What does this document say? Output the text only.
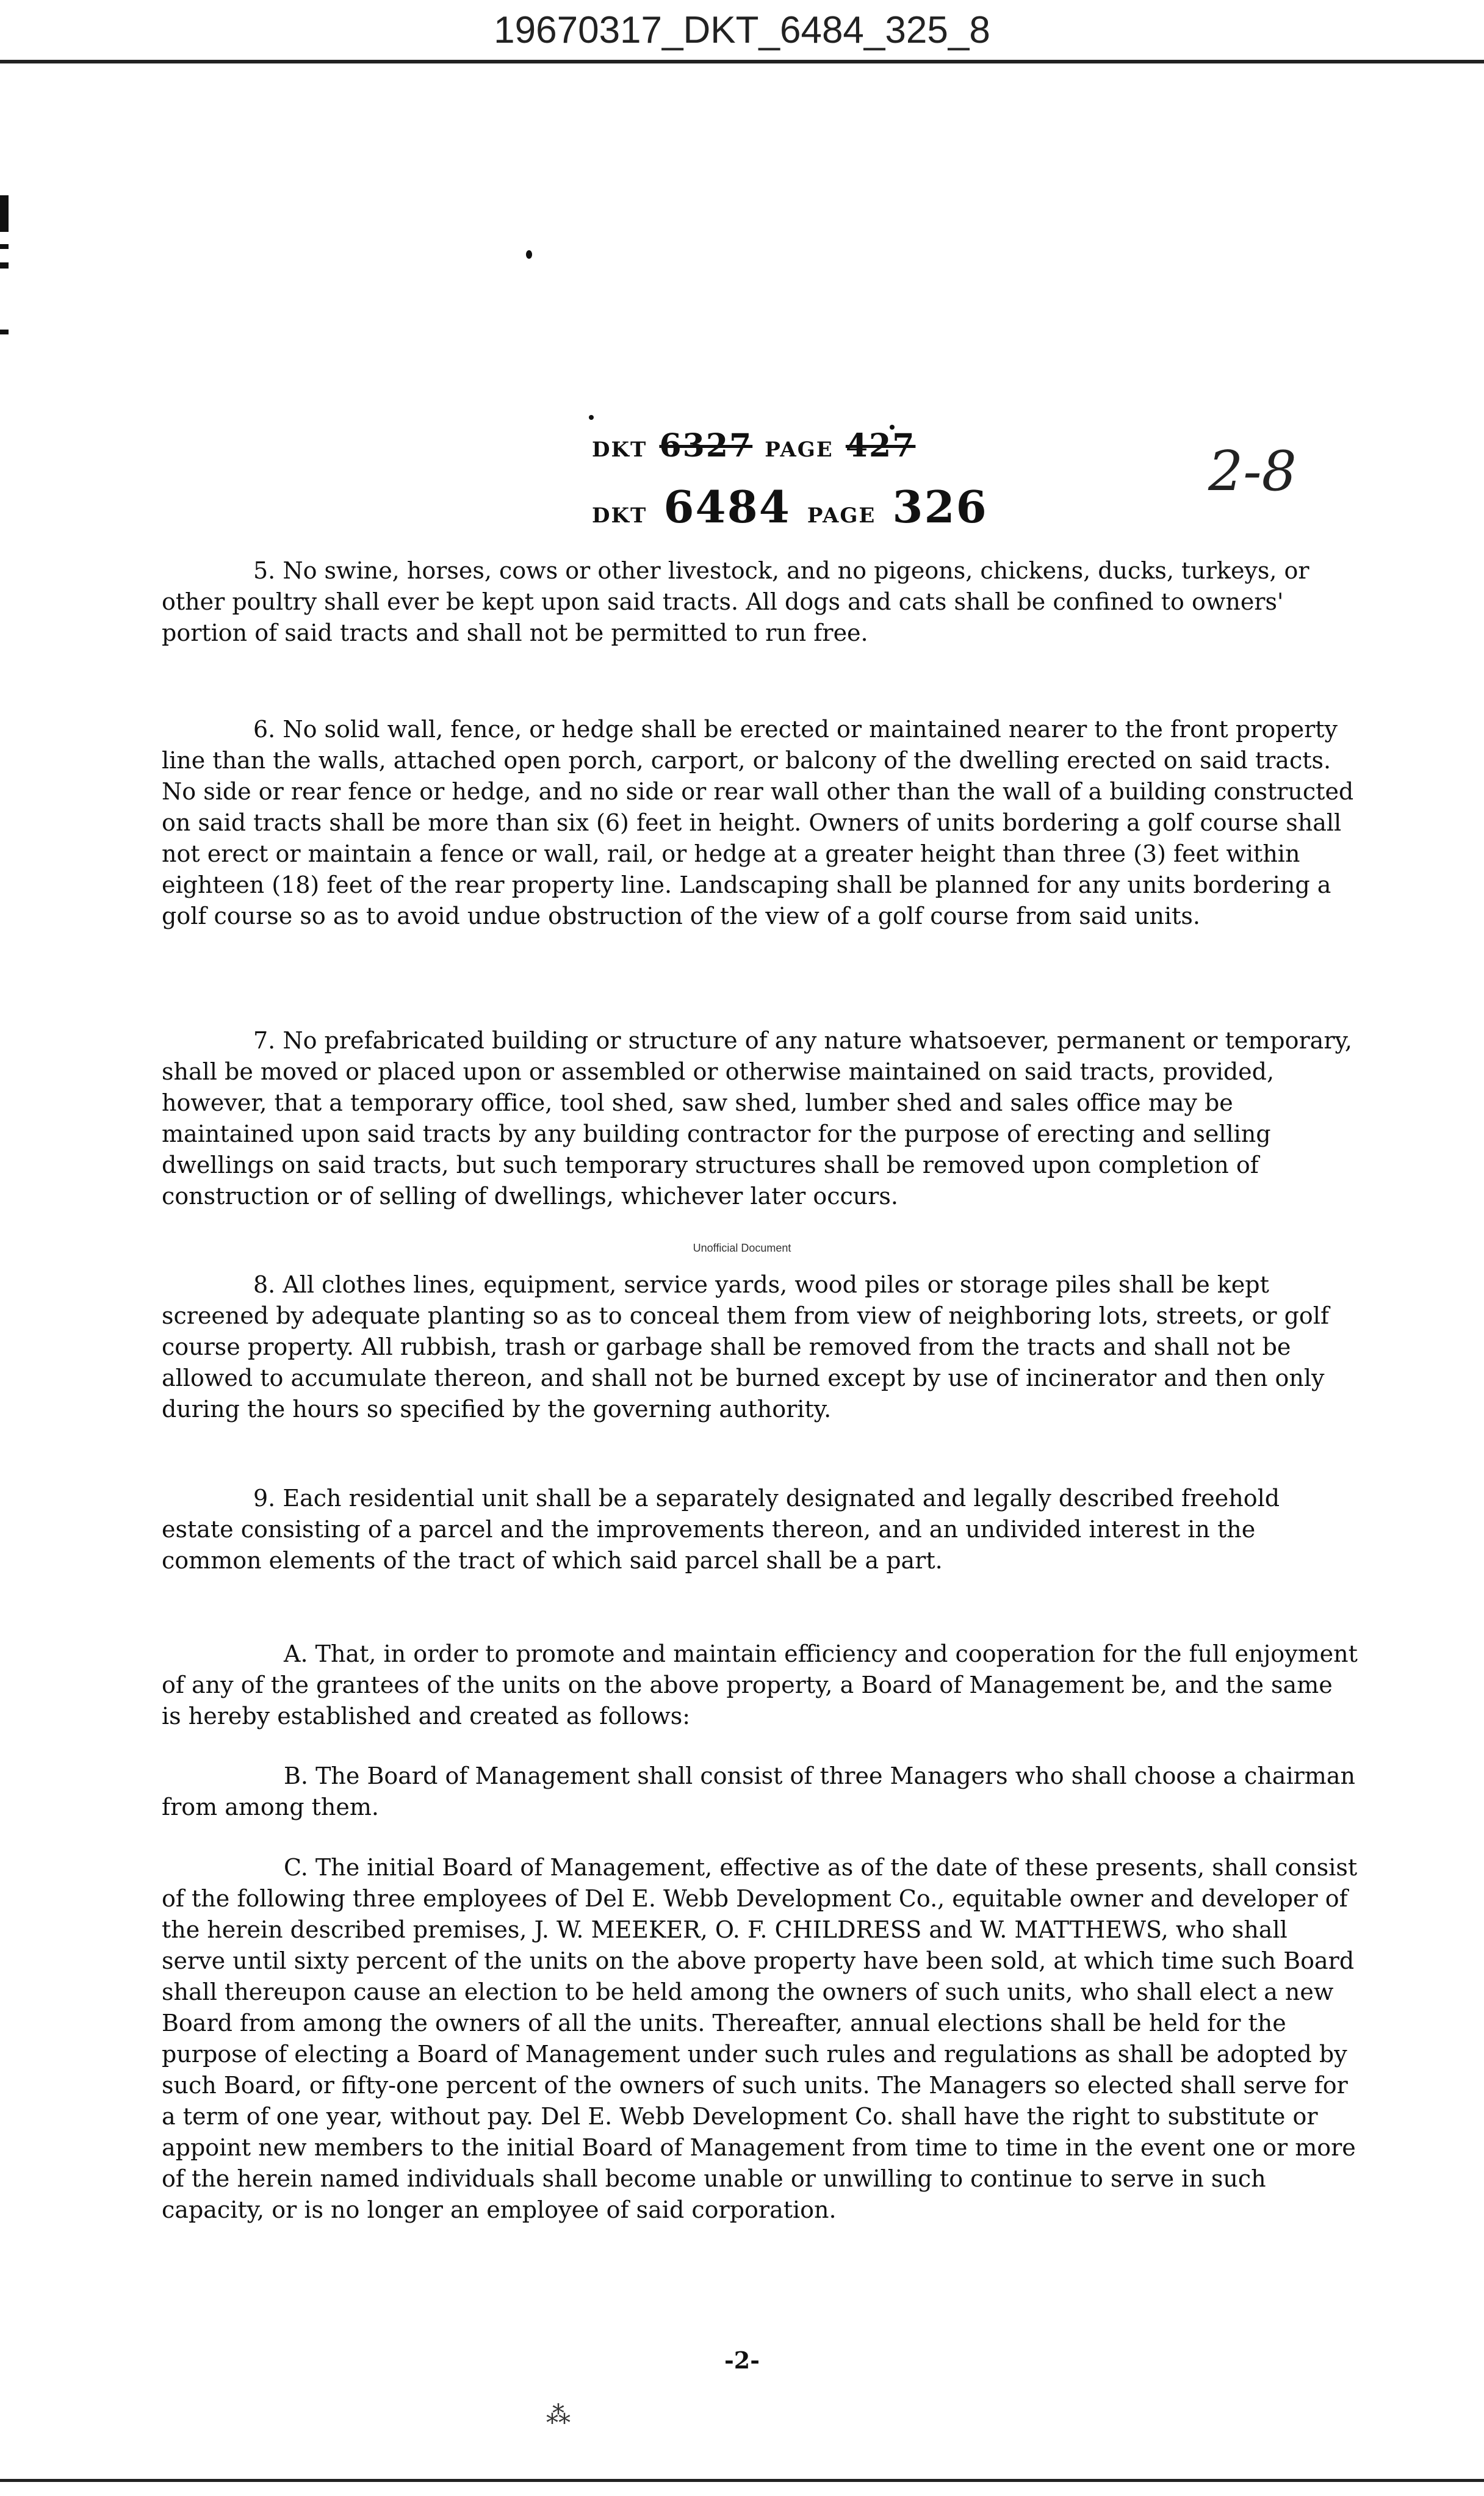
19670317_DKT_6484_325_8
DKT 6327 PAGE 427
DKT 6484 PAGE 326
2-8
5. No swine, horses, cows or other livestock, and no pigeons, chickens, ducks, turkeys, or other poultry shall ever be kept upon said tracts. All dogs and cats shall be confined to owners' portion of said tracts and shall not be permitted to run free.
6. No solid wall, fence, or hedge shall be erected or maintained nearer to the front property line than the walls, attached open porch, carport, or balcony of the dwelling erected on said tracts. No side or rear fence or hedge, and no side or rear wall other than the wall of a building constructed on said tracts shall be more than six (6) feet in height. Owners of units bordering a golf course shall not erect or maintain a fence or wall, rail, or hedge at a greater height than three (3) feet within eighteen (18) feet of the rear property line. Landscaping shall be planned for any units bordering a golf course so as to avoid undue obstruction of the view of a golf course from said units.
7. No prefabricated building or structure of any nature whatsoever, permanent or temporary, shall be moved or placed upon or assembled or otherwise maintained on said tracts, provided, however, that a temporary office, tool shed, saw shed, lumber shed and sales office may be maintained upon said tracts by any building contractor for the purpose of erecting and selling dwellings on said tracts, but such temporary structures shall be removed upon completion of construction or of selling of dwellings, whichever later occurs.
Unofficial Document
8. All clothes lines, equipment, service yards, wood piles or storage piles shall be kept screened by adequate planting so as to conceal them from view of neighboring lots, streets, or golf course property. All rubbish, trash or garbage shall be removed from the tracts and shall not be allowed to accumulate thereon, and shall not be burned except by use of incinerator and then only during the hours so specified by the governing authority.
9. Each residential unit shall be a separately designated and legally described freehold estate consisting of a parcel and the improvements thereon, and an undivided interest in the common elements of the tract of which said parcel shall be a part.
A. That, in order to promote and maintain efficiency and cooperation for the full enjoyment of any of the grantees of the units on the above property, a Board of Management be, and the same is hereby established and created as follows:
B. The Board of Management shall consist of three Managers who shall choose a chairman from among them.
C. The initial Board of Management, effective as of the date of these presents, shall consist of the following three employees of Del E. Webb Development Co., equitable owner and developer of the herein described premises, J. W. MEEKER, O. F. CHILDRESS and W. MATTHEWS, who shall serve until sixty percent of the units on the above property have been sold, at which time such Board shall thereupon cause an election to be held among the owners of such units, who shall elect a new Board from among the owners of all the units. Thereafter, annual elections shall be held for the purpose of electing a Board of Management under such rules and regulations as shall be adopted by such Board, or fifty-one percent of the owners of such units. The Managers so elected shall serve for a term of one year, without pay. Del E. Webb Development Co. shall have the right to substitute or appoint new members to the initial Board of Management from time to time in the event one or more of the herein named individuals shall become unable or unwilling to continue to serve in such capacity, or is no longer an employee of said corporation.
-2-
⁂
